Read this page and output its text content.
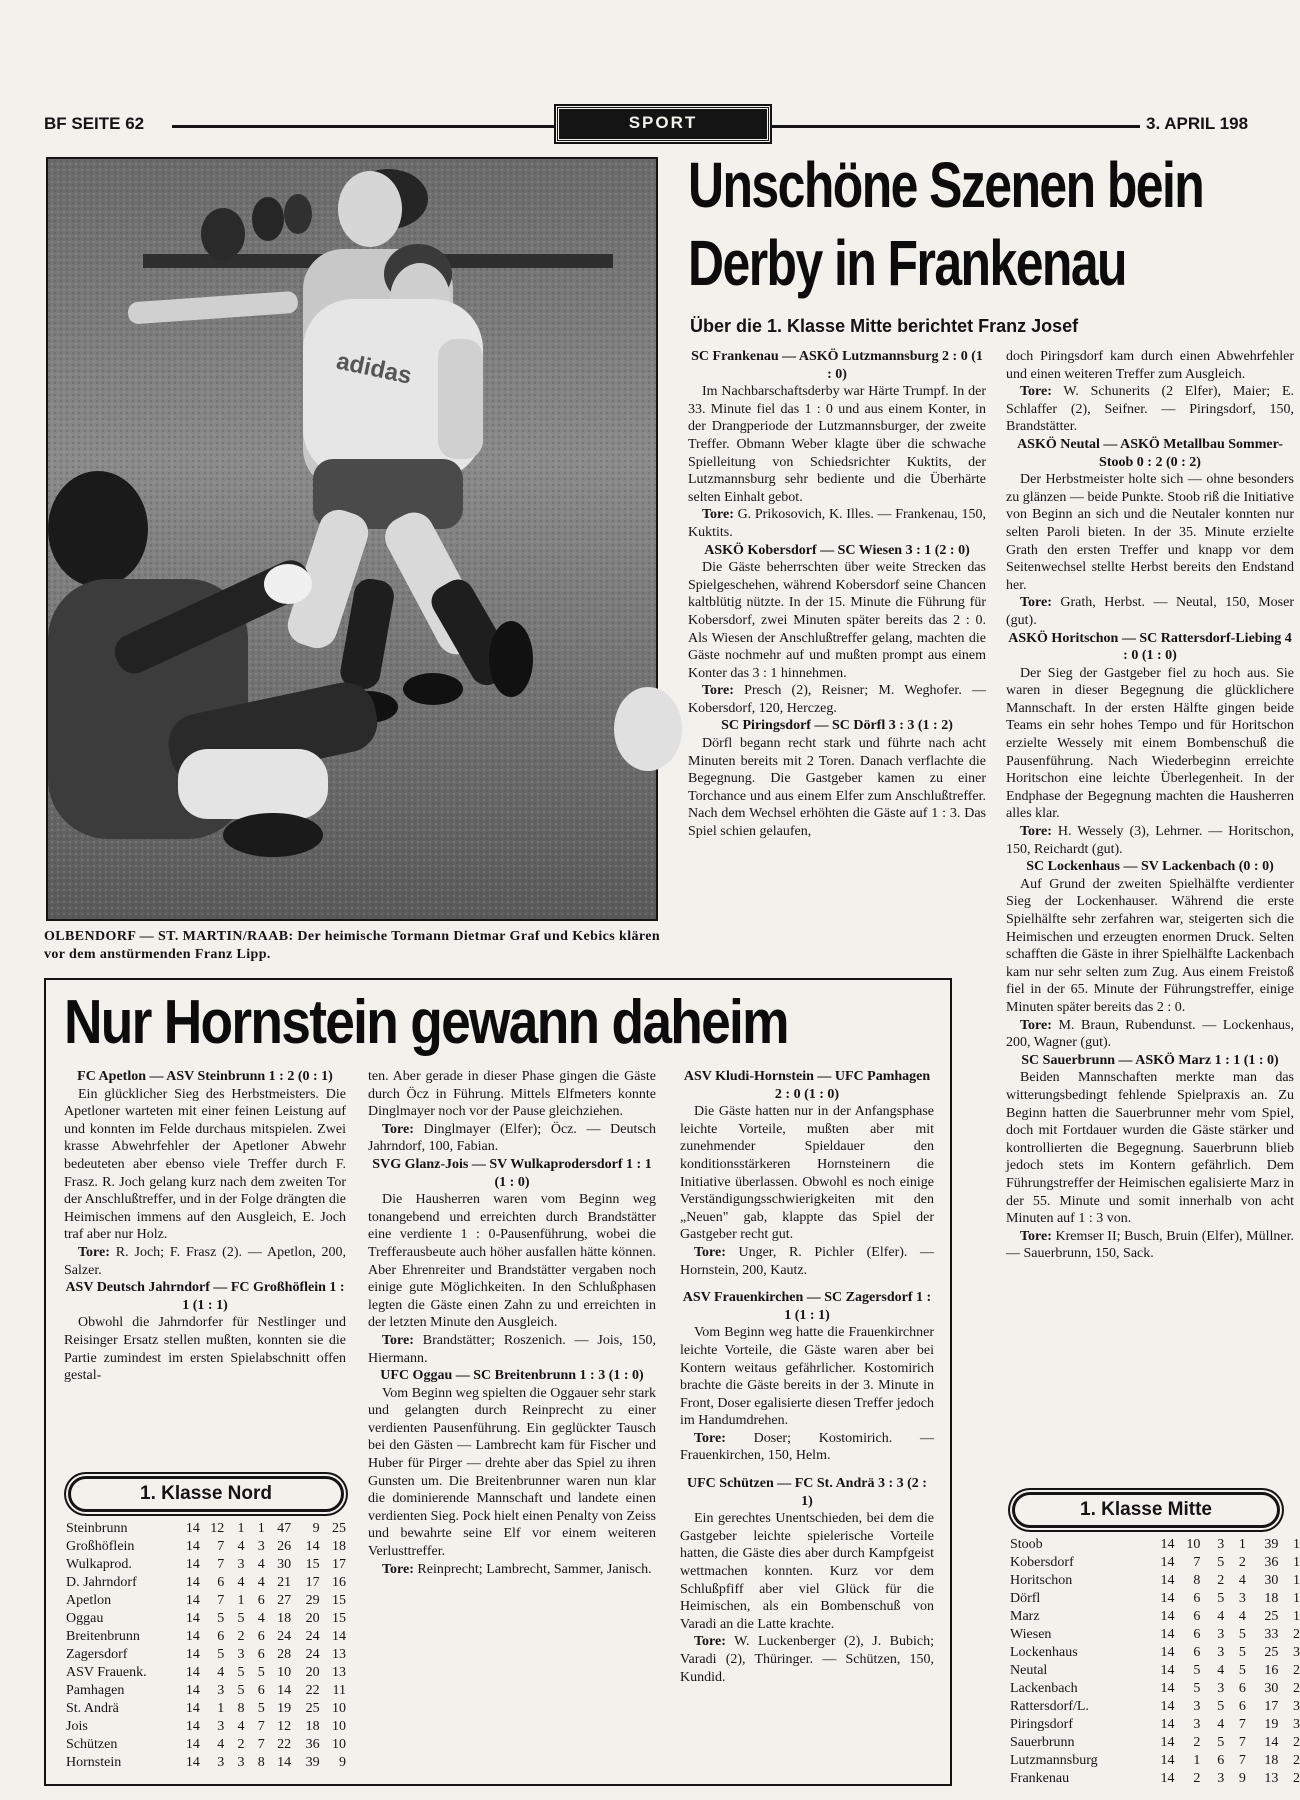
BF SEITE 62	SPORT	3. APRIL 198
adidas
OLBENDORF — ST. MARTIN/RAAB: Der heimische Tormann Dietmar Graf und Kebics klären vor dem anstürmenden Franz Lipp.
Unschöne Szenen bein
Derby in Frankenau
Über die 1. Klasse Mitte berichtet Franz Josef

SC Frankenau — ASKÖ Lutzmannsburg 2 : 0 (1 : 0)

Im Nachbarschaftsderby war Härte Trumpf. In der 33. Minute fiel das 1 : 0 und aus einem Konter, in der Drangperiode der Lutzmannsburger, der zweite Treffer. Obmann Weber klagte über die schwache Spielleitung von Schiedsrichter Kuktits, der Lutzmannsburg sehr bediente und die Überhärte selten Einhalt gebot.

Tore: G. Prikosovich, K. Illes. — Frankenau, 150, Kuktits.

ASKÖ Kobersdorf — SC Wiesen 3 : 1 (2 : 0)

Die Gäste beherrschten über weite Strecken das Spielgeschehen, während Kobersdorf seine Chancen kaltblütig nützte. In der 15. Minute die Führung für Kobersdorf, zwei Minuten später bereits das 2 : 0. Als Wiesen der Anschlußtreffer gelang, machten die Gäste nochmehr auf und mußten prompt aus einem Konter das 3 : 1 hinnehmen.

Tore: Presch (2), Reisner; M. Weghofer. — Kobersdorf, 120, Herczeg.

SC Piringsdorf — SC Dörfl 3 : 3 (1 : 2)

Dörfl begann recht stark und führte nach acht Minuten bereits mit 2 Toren. Danach verflachte die Begegnung. Die Gastgeber kamen zu einer Torchance und aus einem Elfer zum Anschlußtreffer. Nach dem Wechsel erhöhten die Gäste auf 1 : 3. Das Spiel schien gelaufen,

doch Piringsdorf kam durch einen Abwehrfehler und einen weiteren Treffer zum Ausgleich.

Tore: W. Schunerits (2 Elfer), Maier; E. Schlaffer (2), Seifner. — Piringsdorf, 150, Brandstätter.

ASKÖ Neutal — ASKÖ Metallbau Sommer-Stoob 0 : 2 (0 : 2)

Der Herbstmeister holte sich — ohne besonders zu glänzen — beide Punkte. Stoob riß die Initiative von Beginn an sich und die Neutaler konnten nur selten Paroli bieten. In der 35. Minute erzielte Grath den ersten Treffer und knapp vor dem Seitenwechsel stellte Herbst bereits den Endstand her.

Tore: Grath, Herbst. — Neutal, 150, Moser (gut).

ASKÖ Horitschon — SC Rattersdorf-Liebing 4 : 0 (1 : 0)

Der Sieg der Gastgeber fiel zu hoch aus. Sie waren in dieser Begegnung die glücklichere Mannschaft. In der ersten Hälfte gingen beide Teams ein sehr hohes Tempo und für Horitschon erzielte Wessely mit einem Bombenschuß die Pausenführung. Nach Wiederbeginn erreichte Horitschon eine leichte Überlegenheit. In der Endphase der Begegnung machten die Hausherren alles klar.

Tore: H. Wessely (3), Lehrner. — Horitschon, 150, Reichardt (gut).

SC Lockenhaus — SV Lackenbach (0 : 0)

Auf Grund der zweiten Spielhälfte verdienter Sieg der Lockenhauser. Während die erste Spielhälfte sehr zerfahren war, steigerten sich die Heimischen und erzeugten enormen Druck. Selten schafften die Gäste in ihrer Spielhälfte Lackenbach kam nur sehr selten zum Zug. Aus einem Freistoß fiel in der 65. Minute der Führungstreffer, einige Minuten später bereits das 2 : 0.

Tore: M. Braun, Rubendunst. — Lockenhaus, 200, Wagner (gut).

SC Sauerbrunn — ASKÖ Marz 1 : 1 (1 : 0)

Beiden Mannschaften merkte man das witterungsbedingt fehlende Spielpraxis an. Zu Beginn hatten die Sauerbrunner mehr vom Spiel, doch mit Fortdauer wurden die Gäste stärker und kontrollierten die Begegnung. Sauerbrunn blieb jedoch stets im Kontern gefährlich. Dem Führungstreffer der Heimischen egalisierte Marz in der 55. Minute und somit innerhalb von acht Minuten auf 1 : 3 von.

Tore: Kremser II; Busch, Bruin (Elfer), Müllner. — Sauerbrunn, 150, Sack.

1. Klasse Mitte
Stoob	14	10	3	1	39	1
Kobersdorf	14	7	5	2	36	1
Horitschon	14	8	2	4	30	1
Dörfl	14	6	5	3	18	1
Marz	14	6	4	4	25	1
Wiesen	14	6	3	5	33	2
Lockenhaus	14	6	3	5	25	3
Neutal	14	5	4	5	16	2
Lackenbach	14	5	3	6	30	2
Rattersdorf/L.	14	3	5	6	17	3
Piringsdorf	14	3	4	7	19	3
Sauerbrunn	14	2	5	7	14	2
Lutzmannsburg	14	1	6	7	18	2
Frankenau	14	2	3	9	13	2
Nur Hornstein gewann daheim

FC Apetlon — ASV Steinbrunn 1 : 2 (0 : 1)

Ein glücklicher Sieg des Herbstmeisters. Die Apetloner warteten mit einer feinen Leistung auf und konnten im Felde durchaus mitspielen. Zwei krasse Abwehrfehler der Apetloner Abwehr bedeuteten aber ebenso viele Treffer durch F. Frasz. R. Joch gelang kurz nach dem zweiten Tor der Anschlußtreffer, und in der Folge drängten die Heimischen immens auf den Ausgleich, E. Joch traf aber nur Holz.

Tore: R. Joch; F. Frasz (2). — Apetlon, 200, Salzer.

ASV Deutsch Jahrndorf — FC Großhöflein 1 : 1 (1 : 1)

Obwohl die Jahrndorfer für Nestlinger und Reisinger Ersatz stellen mußten, konnten sie die Partie zumindest im ersten Spielabschnitt offen gestal-

1. Klasse Nord
Steinbrunn	14	12	1	1	47	9	25
Großhöflein	14	7	4	3	26	14	18
Wulkaprod.	14	7	3	4	30	15	17
D. Jahrndorf	14	6	4	4	21	17	16
Apetlon	14	7	1	6	27	29	15
Oggau	14	5	5	4	18	20	15
Breitenbrunn	14	6	2	6	24	24	14
Zagersdorf	14	5	3	6	28	24	13
ASV Frauenk.	14	4	5	5	10	20	13
Pamhagen	14	3	5	6	14	22	11
St. Andrä	14	1	8	5	19	25	10
Jois	14	3	4	7	12	18	10
Schützen	14	4	2	7	22	36	10
Hornstein	14	3	3	8	14	39	9

ten. Aber gerade in dieser Phase gingen die Gäste durch Öcz in Führung. Mittels Elfmeters konnte Dinglmayer noch vor der Pause gleichziehen.

Tore: Dinglmayer (Elfer); Öcz. — Deutsch Jahrndorf, 100, Fabian.

SVG Glanz-Jois — SV Wulkaprodersdorf 1 : 1 (1 : 0)

Die Hausherren waren vom Beginn weg tonangebend und erreichten durch Brandstätter eine verdiente 1 : 0-Pausenführung, wobei die Trefferausbeute auch höher ausfallen hätte können. Aber Ehrenreiter und Brandstätter vergaben noch einige gute Möglichkeiten. In den Schlußphasen legten die Gäste einen Zahn zu und erreichten in der letzten Minute den Ausgleich.

Tore: Brandstätter; Roszenich. — Jois, 150, Hiermann.

UFC Oggau — SC Breitenbrunn 1 : 3 (1 : 0)

Vom Beginn weg spielten die Oggauer sehr stark und gelangten durch Reinprecht zu einer verdienten Pausenführung. Ein geglückter Tausch bei den Gästen — Lambrecht kam für Fischer und Huber für Pirger — drehte aber das Spiel zu ihren Gunsten um. Die Breitenbrunner waren nun klar die dominierende Mannschaft und landete einen verdienten Sieg. Pock hielt einen Penalty von Zeiss und bewahrte seine Elf vor einem weiteren Verlusttreffer.

Tore: Reinprecht; Lambrecht, Sammer, Janisch.

ASV Kludi-Hornstein — UFC Pamhagen 2 : 0 (1 : 0)

Die Gäste hatten nur in der Anfangsphase leichte Vorteile, mußten aber mit zunehmender Spieldauer den konditionsstärkeren Hornsteinern die Initiative überlassen. Obwohl es noch einige Verständigungsschwierigkeiten mit den „Neuen" gab, klappte das Spiel der Gastgeber recht gut.

Tore: Unger, R. Pichler (Elfer). — Hornstein, 200, Kautz.

ASV Frauenkirchen — SC Zagersdorf 1 : 1 (1 : 1)

Vom Beginn weg hatte die Frauenkirchner leichte Vorteile, die Gäste waren aber bei Kontern weitaus gefährlicher. Kostomirich brachte die Gäste bereits in der 3. Minute in Front, Doser egalisierte diesen Treffer jedoch im Handumdrehen.

Tore: Doser; Kostomirich. — Frauenkirchen, 150, Helm.

UFC Schützen — FC St. Andrä 3 : 3 (2 : 1)

Ein gerechtes Unentschieden, bei dem die Gastgeber leichte spielerische Vorteile hatten, die Gäste dies aber durch Kampfgeist wettmachen konnten. Kurz vor dem Schlußpfiff aber viel Glück für die Heimischen, als ein Bombenschuß von Varadi an die Latte krachte.

Tore: W. Luckenberger (2), J. Bubich; Varadi (2), Thüringer. — Schützen, 150, Kundid.
